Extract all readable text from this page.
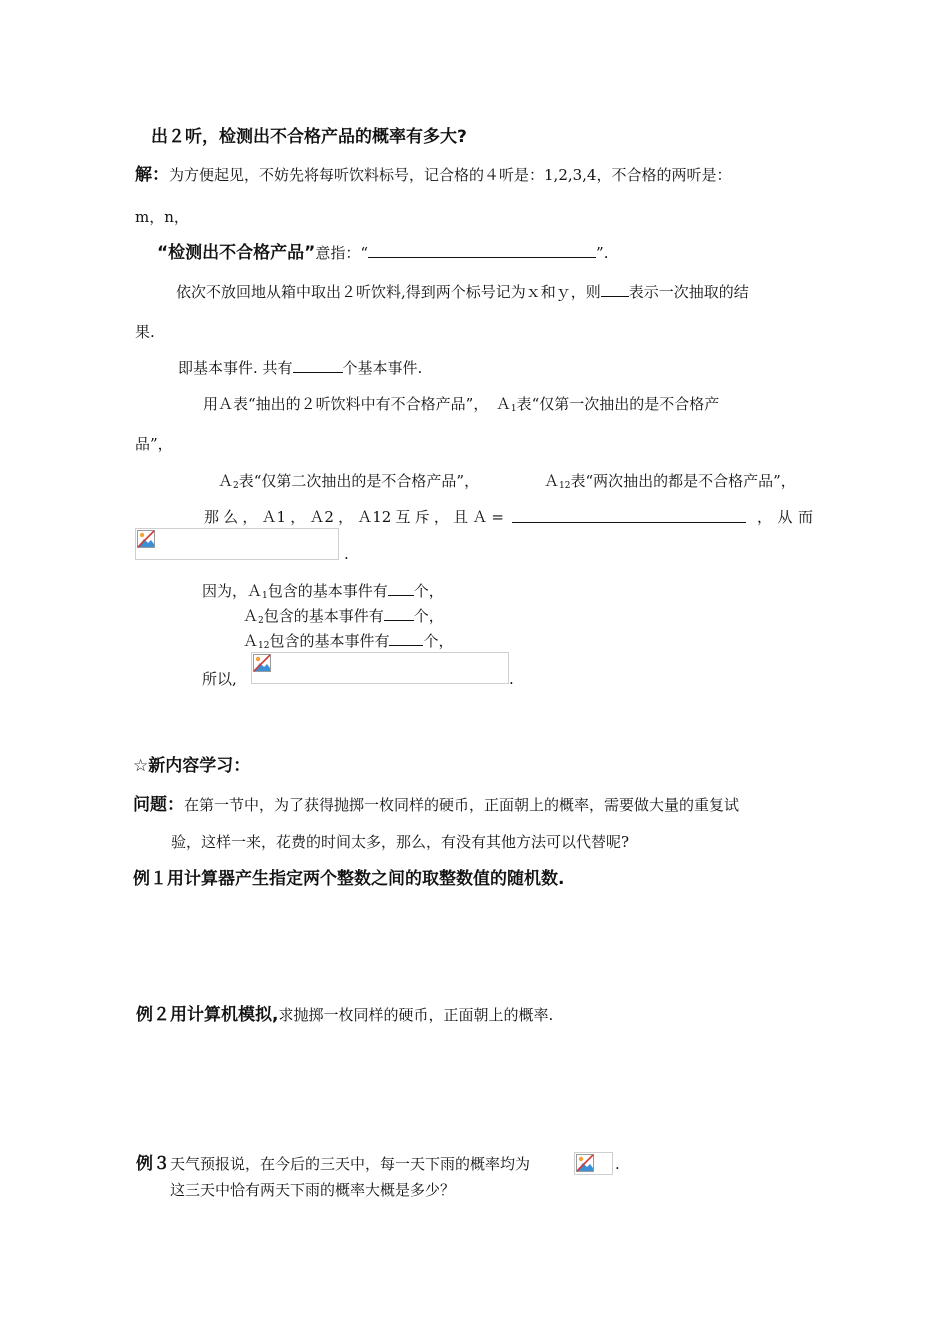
出２听，检测出不合格产品的概率有多大?
解：为方便起见，不妨先将每听饮料标号，记合格的４听是：1,2,3,4，不合格的两听是：
m，n，
“检测出不合格产品”意指：“	”.
依次不放回地从箱中取出２听饮料,得到两个标号记为ｘ和ｙ，则 表示一次抽取的结
果.
即基本事件. 共有	个基本事件.
用Ａ表“抽出的２听饮料中有不合格产品”，　Ａ$_1$表“仅第一次抽出的是不合格产
品”，
Ａ$_2$表“仅第二次抽出的是不合格产品”，	Ａ$_{12}$表“两次抽出的都是不合格产品”，
那 么 ， Ａ1 ， Ａ2 ， Ａ12 互 斥 ， 且 Ａ =	， 从 而
.
因为，Ａ$_1$包含的基本事件有 个，
Ａ$_2$包含的基本事件有 个，
Ａ$_{12}$包含的基本事件有 个，
所以,	.
☆新内容学习：
问题：在第一节中，为了获得抛掷一枚同样的硬币，正面朝上的概率，需要做大量的重复试
验，这样一来，花费的时间太多，那么，有没有其他方法可以代替呢?
例１用计算器产生指定两个整数之间的取整数值的随机数.
例２用计算机模拟,求抛掷一枚同样的硬币，正面朝上的概率.
例３天气预报说，在今后的三天中，每一天下雨的概率均为	.
这三天中恰有两天下雨的概率大概是多少？
